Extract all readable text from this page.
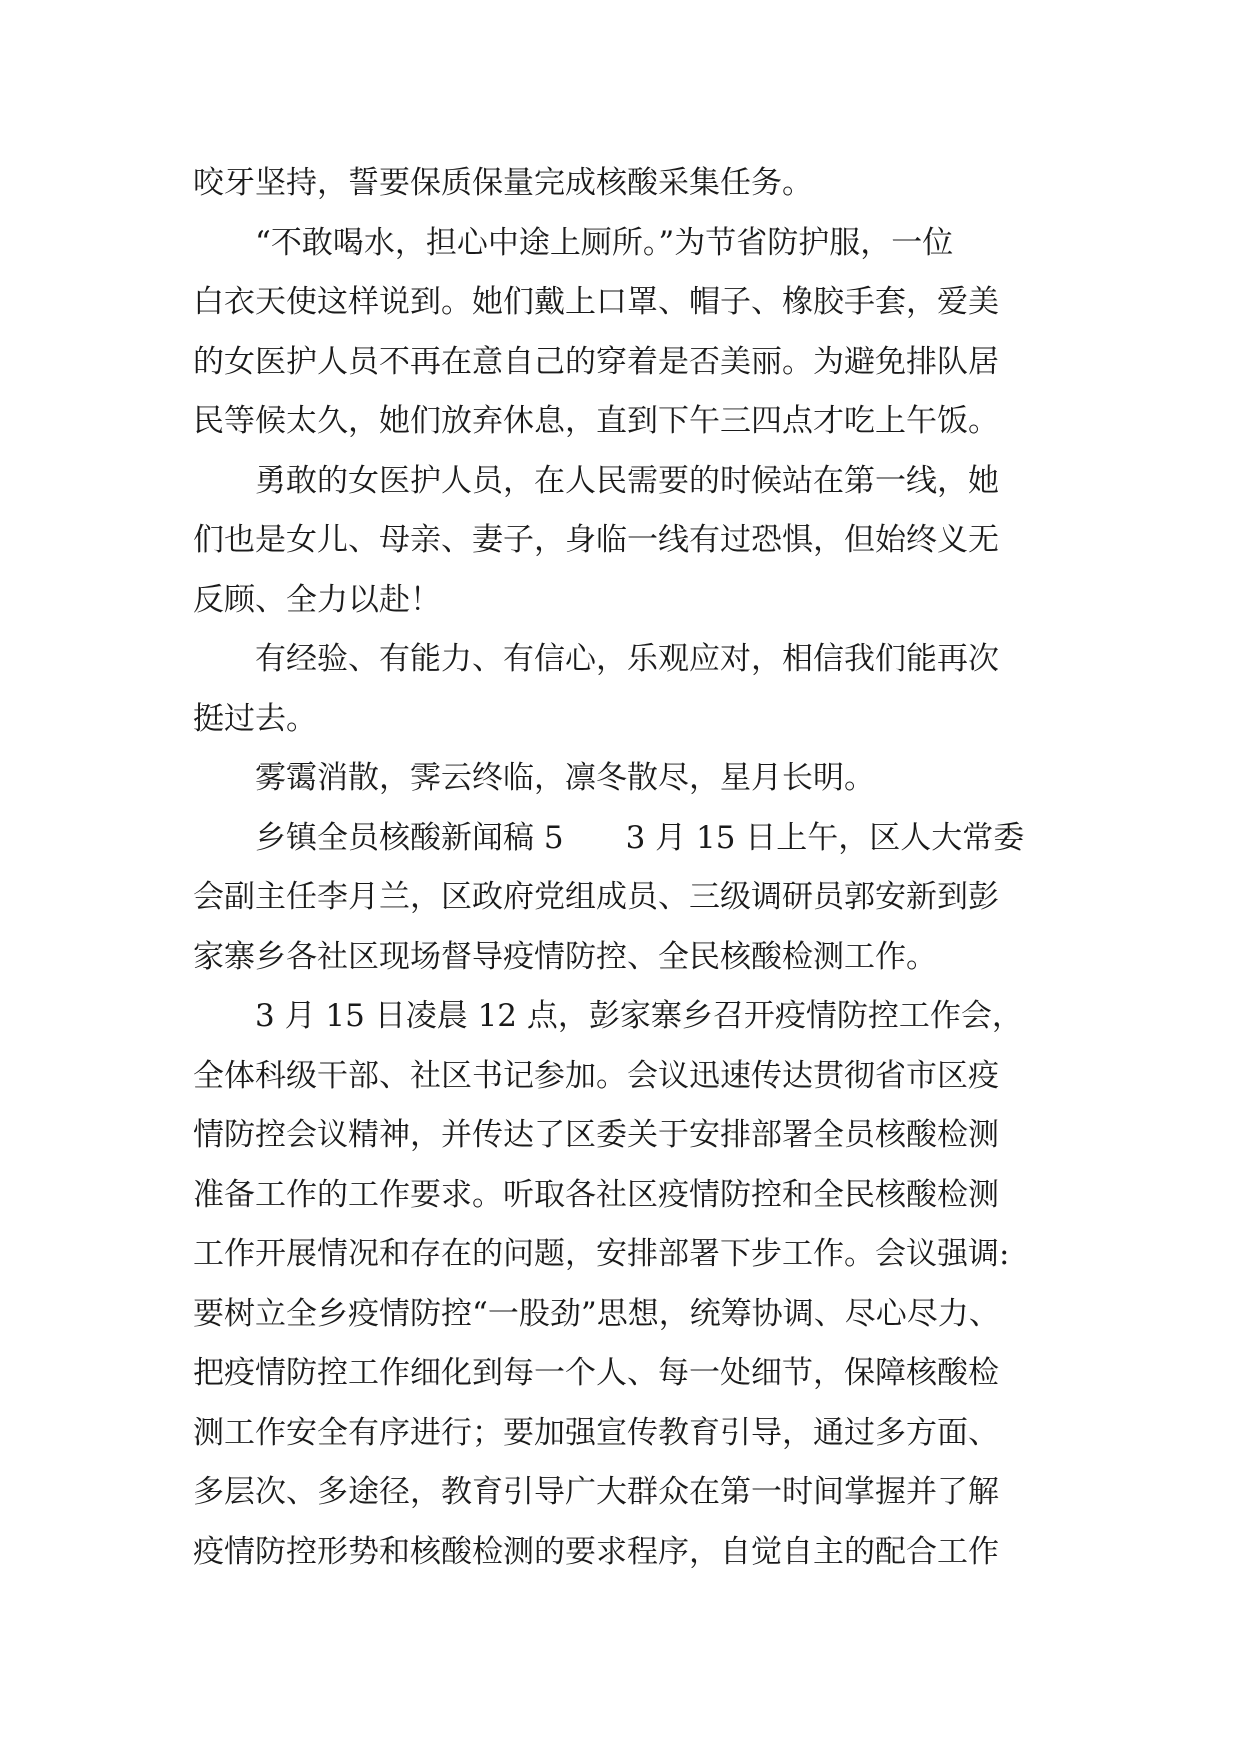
咬牙坚持，誓要保质保量完成核酸采集任务。
　　“不敢喝水，担心中途上厕所。”为节省防护服，一位
白衣天使这样说到。她们戴上口罩、帽子、橡胶手套，爱美
的女医护人员不再在意自己的穿着是否美丽。为避免排队居
民等候太久，她们放弃休息，直到下午三四点才吃上午饭。
　　勇敢的女医护人员，在人民需要的时候站在第一线，她
们也是女儿、母亲、妻子，身临一线有过恐惧，但始终义无
反顾、全力以赴！
　　有经验、有能力、有信心，乐观应对，相信我们能再次
挺过去。
　　雾霭消散，霁云终临，凛冬散尽，星月长明。
　　乡镇全员核酸新闻稿 5　　3 月 15 日上午，区人大常委
会副主任李月兰，区政府党组成员、三级调研员郭安新到彭
家寨乡各社区现场督导疫情防控、全民核酸检测工作。
　　3 月 15 日凌晨 12 点，彭家寨乡召开疫情防控工作会，
全体科级干部、社区书记参加。会议迅速传达贯彻省市区疫
情防控会议精神，并传达了区委关于安排部署全员核酸检测
准备工作的工作要求。听取各社区疫情防控和全民核酸检测
工作开展情况和存在的问题，安排部署下步工作。会议强调:
要树立全乡疫情防控“一股劲”思想，统筹协调、尽心尽力、
把疫情防控工作细化到每一个人、每一处细节，保障核酸检
测工作安全有序进行；要加强宣传教育引导，通过多方面、
多层次、多途径，教育引导广大群众在第一时间掌握并了解
疫情防控形势和核酸检测的要求程序，自觉自主的配合工作
